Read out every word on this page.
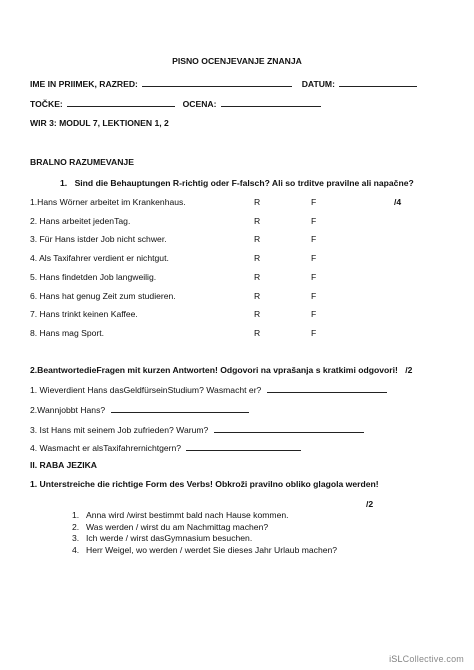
PISNO OCENJEVANJE ZNANJA
IME IN PRIIMEK, RAZRED:	DATUM:
TOČKE:	OCENA:
WIR 3: MODUL 7, LEKTIONEN 1, 2
BRALNO RAZUMEVANJE
1. Sind die Behauptungen R-richtig oder F-falsch? Ali so trditve pravilne ali napačne?
1.Hans Wörner arbeitet im Krankenhaus.	R	F
2. Hans arbeitet jedenTag.	R	F
3. Für Hans istder Job nicht schwer.	R	F
4. Als Taxifahrer verdient er nichtgut.	R	F
5. Hans findetden Job langweilig.	R	F
6. Hans hat genug Zeit zum studieren.	R	F
7. Hans trinkt keinen Kaffee.	R	F
8. Hans mag Sport.	R	F
/4
2.BeantwortedieFragen mit kurzen Antworten! Odgovori na vprašanja s kratkimi odgovori! /2
1. Wieverdient Hans dasGeldfürseinStudium? Wasmacht er?
2.Wannjobbt Hans?
3. Ist Hans mit seinem Job zufrieden? Warum?
4. Wasmacht er alsTaxifahrernichtgern?
II. RABA JEZIKA
1. Unterstreiche die richtige Form des Verbs! Obkroži pravilno obliko glagola werden!
/2
1. Anna wird /wirst bestimmt bald nach Hause kommen.
2. Was werden / wirst du am Nachmittag machen?
3. Ich werde / wirst dasGymnasium besuchen.
4. Herr Weigel, wo werden / werdet Sie dieses Jahr Urlaub machen?
iSLCollective.com
